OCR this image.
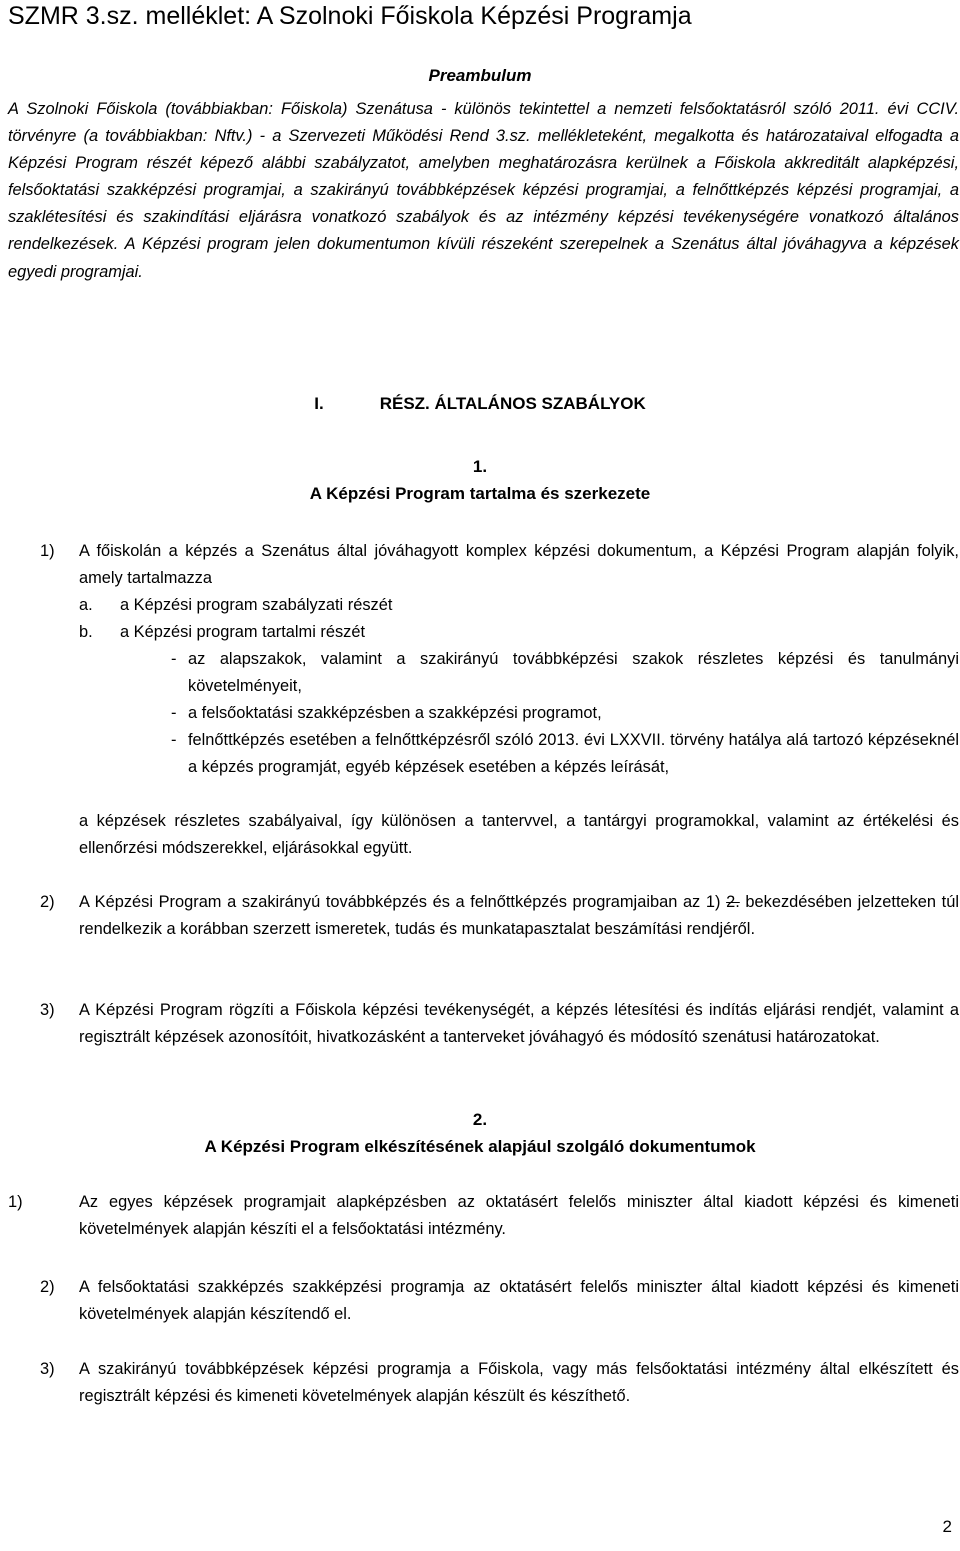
SZMR 3.sz. melléklet: A Szolnoki Főiskola Képzési Programja
Preambulum

A Szolnoki Főiskola (továbbiakban: Főiskola) Szenátusa - különös tekintettel a nemzeti felsőoktatásról szóló 2011. évi CCIV. törvényre (a továbbiakban: Nftv.) - a Szervezeti Működési Rend 3.sz. mellékleteként, megalkotta és határozataival elfogadta a Képzési Program részét képező alábbi szabályzatot, amelyben meghatározásra kerülnek a Főiskola akkreditált alapképzési, felsőoktatási szakképzési programjai, a szakirányú továbbképzések képzési programjai, a felnőttképzés képzési programjai, a szaklétesítési és szakindítási eljárásra vonatkozó szabályok és az intézmény képzési tevékenységére vonatkozó általános rendelkezések. A Képzési program jelen dokumentumon kívüli részeként szerepelnek a Szenátus által jóváhagyva a képzések egyedi programjai.

I.	RÉSZ. ÁLTALÁNOS SZABÁLYOK
1.
A Képzési Program tartalma és szerkezete
1) A főiskolán a képzés a Szenátus által jóváhagyott komplex képzési dokumentum, a Képzési Program alapján folyik, amely tartalmazza
a. a Képzési program szabályzati részét
b. a Képzési program tartalmi részét
- az alapszakok, valamint a szakirányú továbbképzési szakok részletes képzési és tanulmányi követelményeit,
- a felsőoktatási szakképzésben a szakképzési programot,
- felnőttképzés esetében a felnőttképzésről szóló 2013. évi LXXVII. törvény hatálya alá tartozó képzéseknél a képzés programját, egyéb képzések esetében a képzés leírását,
a képzések részletes szabályaival, így különösen a tantervvel, a tantárgyi programokkal, valamint az értékelési és ellenőrzési módszerekkel, eljárásokkal együtt.
2) A Képzési Program a szakirányú továbbképzés és a felnőttképzés programjaiban az 1) 2. bekezdésében jelzetteken túl rendelkezik a korábban szerzett ismeretek, tudás és munkatapasztalat beszámítási rendjéről.
3) A Képzési Program rögzíti a Főiskola képzési tevékenységét, a képzés létesítési és indítás eljárási rendjét, valamint a regisztrált képzések azonosítóit, hivatkozásként a tanterveket jóváhagyó és módosító szenátusi határozatokat.
2.
A Képzési Program elkészítésének alapjául szolgáló dokumentumok
1)	Az egyes képzések programjait alapképzésben az oktatásért felelős miniszter által kiadott képzési és kimeneti követelmények alapján készíti el a felsőoktatási intézmény.
2) A felsőoktatási szakképzés szakképzési programja az oktatásért felelős miniszter által kiadott képzési és kimeneti követelmények alapján készítendő el.
3) A szakirányú továbbképzések képzési programja a Főiskola, vagy más felsőoktatási intézmény által elkészített és regisztrált képzési és kimeneti követelmények alapján készült és készíthető.
2
